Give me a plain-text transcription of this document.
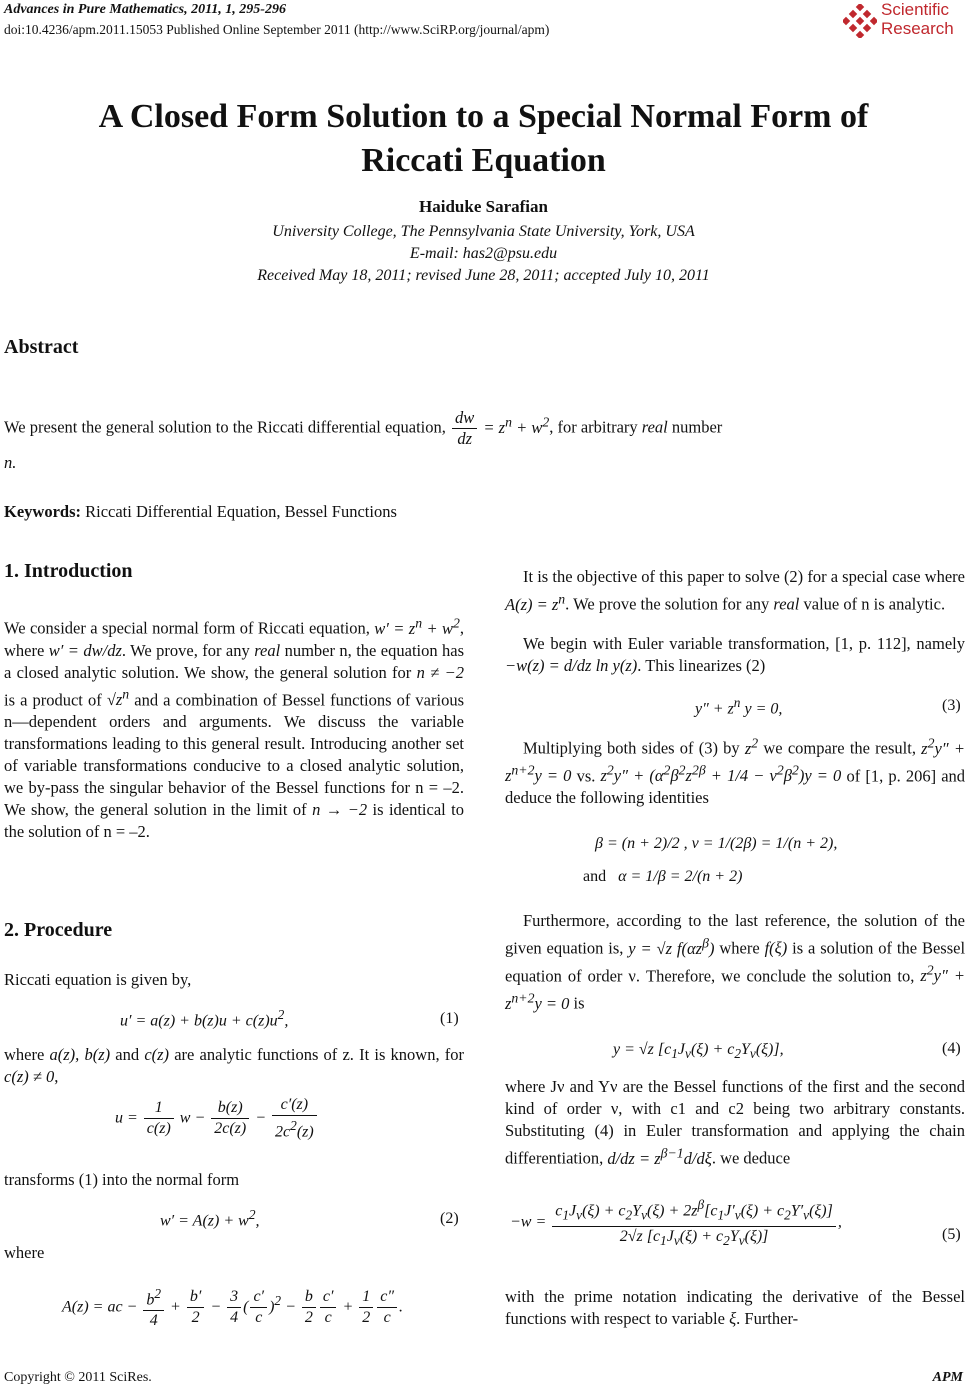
Advances in Pure Mathematics, 2011, 1, 295-296
doi:10.4236/apm.2011.15053 Published Online September 2011 (http://www.SciRP.org/journal/apm)
Scientific
Research
A Closed Form Solution to a Special Normal Form of
Riccati Equation
Haiduke Sarafian
University College, The Pennsylvania State University, York, USA
E-mail: has2@psu.edu
Received May 18, 2011; revised June 28, 2011; accepted July 10, 2011
Abstract
We present the general solution to the Riccati differential equation, $\frac{dw}{dz} = z^n + w^2$, for arbitrary real number
n.
Keywords: Riccati Differential Equation, Bessel Functions
1. Introduction
We consider a special normal form of Riccati equation, $w' = z^n + w^2$, where w′ = dw/dz. We prove, for any real number n, the equation has a closed analytic solution. We show, the general solution for n ≠ −2 is a product of $√z^n$ and a combination of Bessel functions of various n—dependent orders and arguments. We discuss the variable transformations leading to this general result. Introducing another set of variable transformations conducive to a closed analytic solution, we by-pass the singular behavior of the Bessel functions for n = –2. We show, the general solution in the limit of n → −2 is identical to the solution of n = –2.
2. Procedure
Riccati equation is given by,
$u' = a(z) + b(z)u + c(z)u^2$,	(1)
where a(z), b(z) and c(z) are analytic functions of z. It is known, for c(z) ≠ 0,
$u = \frac{1}{c(z)}$ $w - \frac{b(z)}{2c(z)} - \frac{c'(z)}{2c^2(z)}$
transforms (1) into the normal form
$w' = A(z) + w^2$,	(2)
where
A(z) = ac − $\frac{b^2}{4} + \frac{b'}{2} - \frac{3}{4}$ ( $\frac{c'}{c} )^2 - \frac{b}{2} \frac{c'}{c} + \frac{1}{2} \frac{c''}{c}$ .
It is the objective of this paper to solve (2) for a special case where $A(z) = z^n$. We prove the solution for any real value of n is analytic.
We begin with Euler variable transformation, [1, p. 112], namely −w(z) = d/dz ln y(z). This linearizes (2)
$y'' + z^n$ y = 0,	(3)
Multiplying both sides of (3) by $z^2$ we compare the result, $z^2y'' + z^{n+2}y = 0$ vs. $z^2y'' + (\alpha^2\beta^2z^{2\beta} + 1/4 - \nu^2\beta^2)y = 0$ of [1, p. 206] and deduce the following identities
β = (n + 2)/2 , ν = 1/(2β) = 1/(n + 2),
and   α = 1/β = 2/(n + 2)
Furthermore, according to the last reference, the solution of the given equation is, y = √z $f(\alpha z^\beta)$ where f(ξ) is a solution of the Bessel equation of order ν. Therefore, we conclude the solution to, $z^2y'' + z^{n+2}y = 0$ is
y = √z $[c_1J_\nu(\xi) + c_2Y_\nu(\xi)]$,	(4)
where Jν and Yν are the Bessel functions of the first and the second kind of order ν, with c1 and c2 being two arbitrary constants. Substituting (4) in Euler transformation and applying the chain differentiation, $d/dz = z^{\beta-1}d/d\xi$. we deduce
$-w = \frac{c_1J_\nu(\xi) + c_2Y_\nu(\xi) + 2z^\beta[c_1J'_\nu(\xi) + c_2Y'_\nu(\xi)]}{2√z [c_1J_\nu(\xi) + c_2Y_\nu(\xi)]}$ ,
(5)
with the prime notation indicating the derivative of the Bessel functions with respect to variable ξ. Further-
Copyright © 2011 SciRes.	APM
